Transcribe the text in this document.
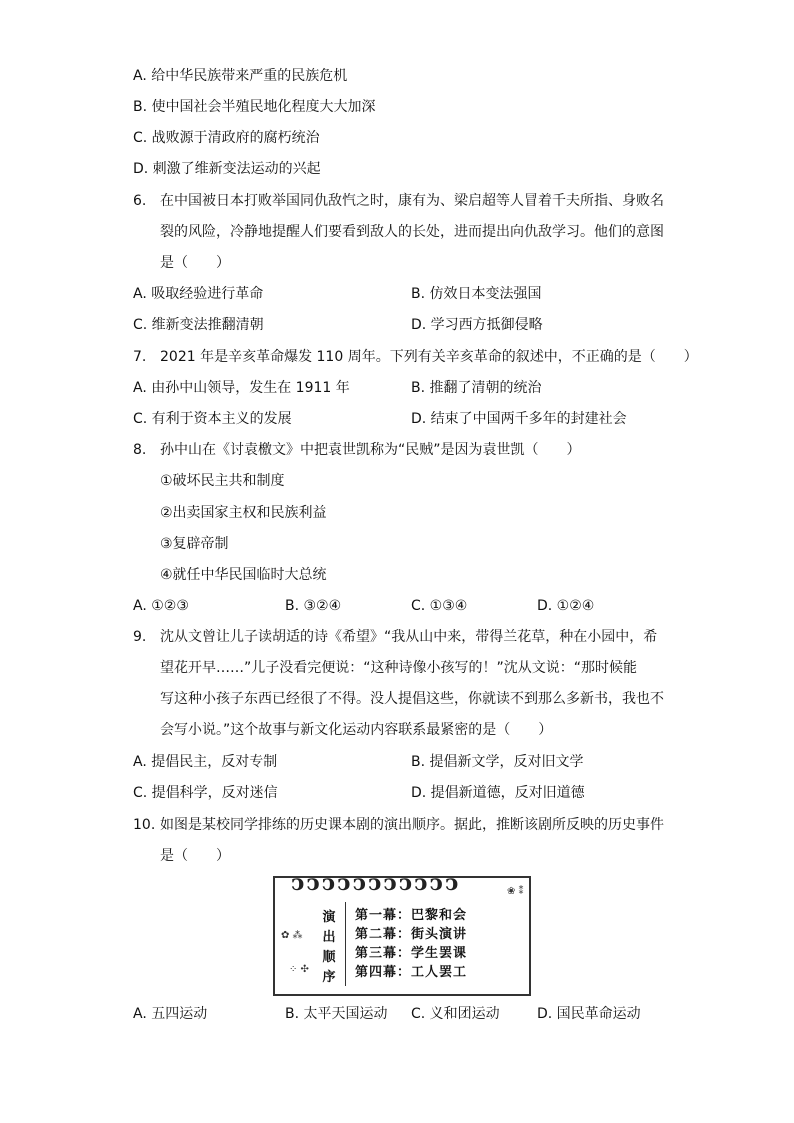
A. 给中华民族带来严重的民族危机
B. 使中国社会半殖民地化程度大大加深
C. 战败源于清政府的腐朽统治
D. 刺激了维新变法运动的兴起
6. 在中国被日本打败举国同仇敌忾之时，康有为、梁启超等人冒着千夫所指、身败名
裂的风险，冷静地提醒人们要看到敌人的长处，进而提出向仇敌学习。他们的意图
是（　　）
A. 吸取经验进行革命	B. 仿效日本变法强国
C. 维新变法推翻清朝	D. 学习西方抵御侵略
7. 2021 年是辛亥革命爆发 110 周年。下列有关辛亥革命的叙述中，不正确的是（　　）
A. 由孙中山领导，发生在 1911 年	B. 推翻了清朝的统治
C. 有利于资本主义的发展	D. 结束了中国两千多年的封建社会
8. 孙中山在《讨袁檄文》中把袁世凯称为“民贼”是因为袁世凯（　　）
①破坏民主共和制度
②出卖国家主权和民族利益
③复辟帝制
④就任中华民国临时大总统
A. ①②③	B. ③②④	C. ①③④	D. ①②④
9. 沈从文曾让儿子读胡适的诗《希望》“我从山中来，带得兰花草，种在小园中，希
望花开早……”儿子没看完便说：“这种诗像小孩写的！”沈从文说：“那时候能
写这种小孩子东西已经很了不得。没人提倡这些，你就读不到那么多新书，我也不
会写小说。”这个故事与新文化运动内容联系最紧密的是（　　）
A. 提倡民主，反对专制	B. 提倡新文学，反对旧文学
C. 提倡科学，反对迷信	D. 提倡新道德，反对旧道德
10. 如图是某校同学排练的历史课本剧的演出顺序。据此，推断该剧所反映的历史事件
是（　　）
ↄↄↄↄↄↄↄↄↄↄↄ
✿ ⁂
⁘ ✣
❀ ⁑
演
出
顺
序
第一幕：巴黎和会
第二幕：街头演讲
第三幕：学生罢课
第四幕：工人罢工
A. 五四运动	B. 太平天国运动 C. 义和团运动	D. 国民革命运动
